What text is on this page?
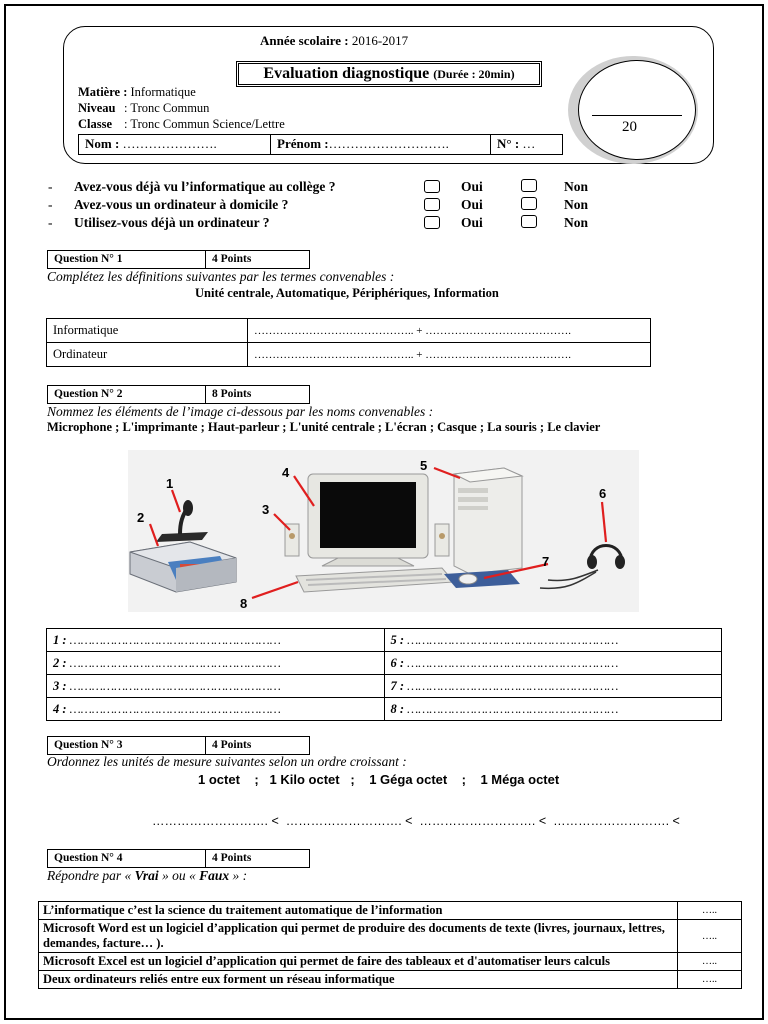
Année scolaire : 2016-2017
Evaluation diagnostique (Durée : 20min)
Matière : Informatique
Niveau : Tronc Commun
Classe : Tronc Commun Science/Lettre
Nom : ………………….	Prénom :……………………….	N° : …
20
- Avez-vous déjà vu l’informatique au collège ?	Oui	Non
- Avez-vous un ordinateur à domicile ?	Oui	Non
- Utilisez-vous déjà un ordinateur ?	Oui	Non
Question N° 1	4 Points
Complétez les définitions suivantes par les termes convenables :
Unité centrale, Automatique, Périphériques, Information
Informatique	…………………………………….. + ………………………………….
Ordinateur	…………………………………….. + ………………………………….
Question N° 2	8 Points
Nommez les éléments de l’image ci-dessous par les noms convenables :
Microphone ; L'imprimante ; Haut-parleur ; L'unité centrale ; L'écran ; Casque ; La souris ; Le clavier
1
2
3
4	5
6
7
8
1 : …………………………………………………	5 : …………………………………………………
2 : …………………………………………………	6 : …………………………………………………
3 : …………………………………………………	7 : …………………………………………………
4 : …………………………………………………	8 : …………………………………………………
Question N° 3	4 Points
Ordonnez les unités de mesure suivantes selon un ordre croissant :
1 octet    ;   1 Kilo octet   ;    1 Géga octet    ;    1 Méga octet
………………………. <  ………………………. <  ………………………. <  ………………………. <
Question N° 4	4 Points
Répondre par « Vrai » ou « Faux » :
L’informatique c’est la science du traitement automatique de l’information	…..
Microsoft Word est un logiciel d’application qui permet de produire des documents de texte (livres, journaux, lettres, demandes, facture… ).	…..
Microsoft Excel est un logiciel d’application qui permet de faire des tableaux et d'automatiser leurs calculs	…..
Deux ordinateurs reliés entre eux forment un réseau informatique	…..
